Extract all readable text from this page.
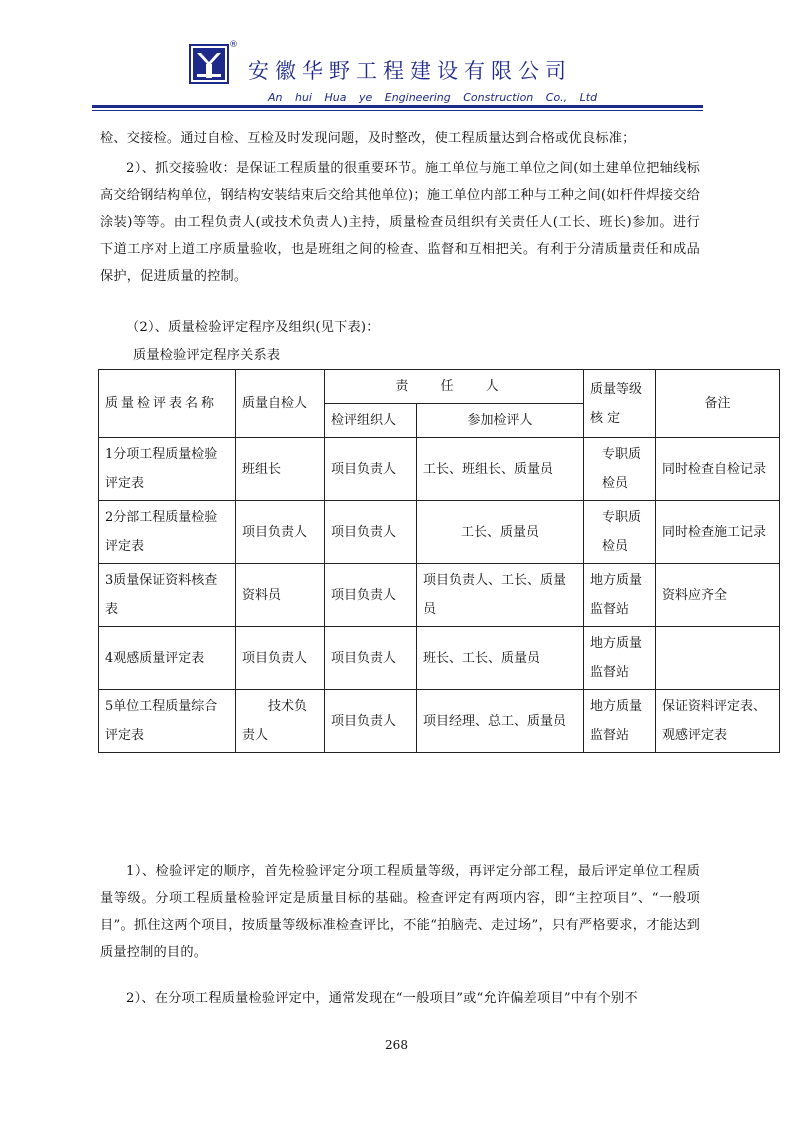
®
安徽华野工程建设有限公司
An hui Hua ye Engineering Construction Co., Ltd

检、交接检。通过自检、互检及时发现问题，及时整改，使工程质量达到合格或优良标准；

2）、抓交接验收：是保证工程质量的很重要环节。施工单位与施工单位之间(如土建单位把轴线标高交给钢结构单位，钢结构安装结束后交给其他单位)；施工单位内部工种与工种之间(如杆件焊接交给涂装)等等。由工程负责人(或技术负责人)主持，质量检查员组织有关责任人(工长、班长)参加。进行下道工序对上道工序质量验收，也是班组之间的检查、监督和互相把关。有利于分清质量责任和成品保护，促进质量的控制。

（2）、质量检验评定程序及组织(见下表)：

质量检验评定程序关系表

质量检评表名称	质量自检人	责 任 人		质量等级核 定	备注
		检评组织人	参加检评人		
1分项工程质量检验评定表	班组长	项目负责人	工长、班组长、质量员	专职质检员	同时检查自检记录
2分部工程质量检验评定表	项目负责人	项目负责人	工长、质量员	专职质检员	同时检查施工记录
3质量保证资料核查表	资料员	项目负责人	项目负责人、工长、质量员	地方质量监督站	资料应齐全
4观感质量评定表	项目负责人	项目负责人	班长、工长、质量员	地方质量监督站	
5单位工程质量综合评定表	技术负责人	项目负责人	项目经理、总工、质量员	地方质量监督站	保证资料评定表、观感评定表

1）、检验评定的顺序，首先检验评定分项工程质量等级，再评定分部工程，最后评定单位工程质量等级。分项工程质量检验评定是质量目标的基础。检查评定有两项内容，即“主控项目”、“一般项目”。抓住这两个项目，按质量等级标准检查评比，不能“拍脑壳、走过场”，只有严格要求，才能达到质量控制的目的。

2）、在分项工程质量检验评定中，通常发现在“一般项目”或“允许偏差项目”中有个别不

268
